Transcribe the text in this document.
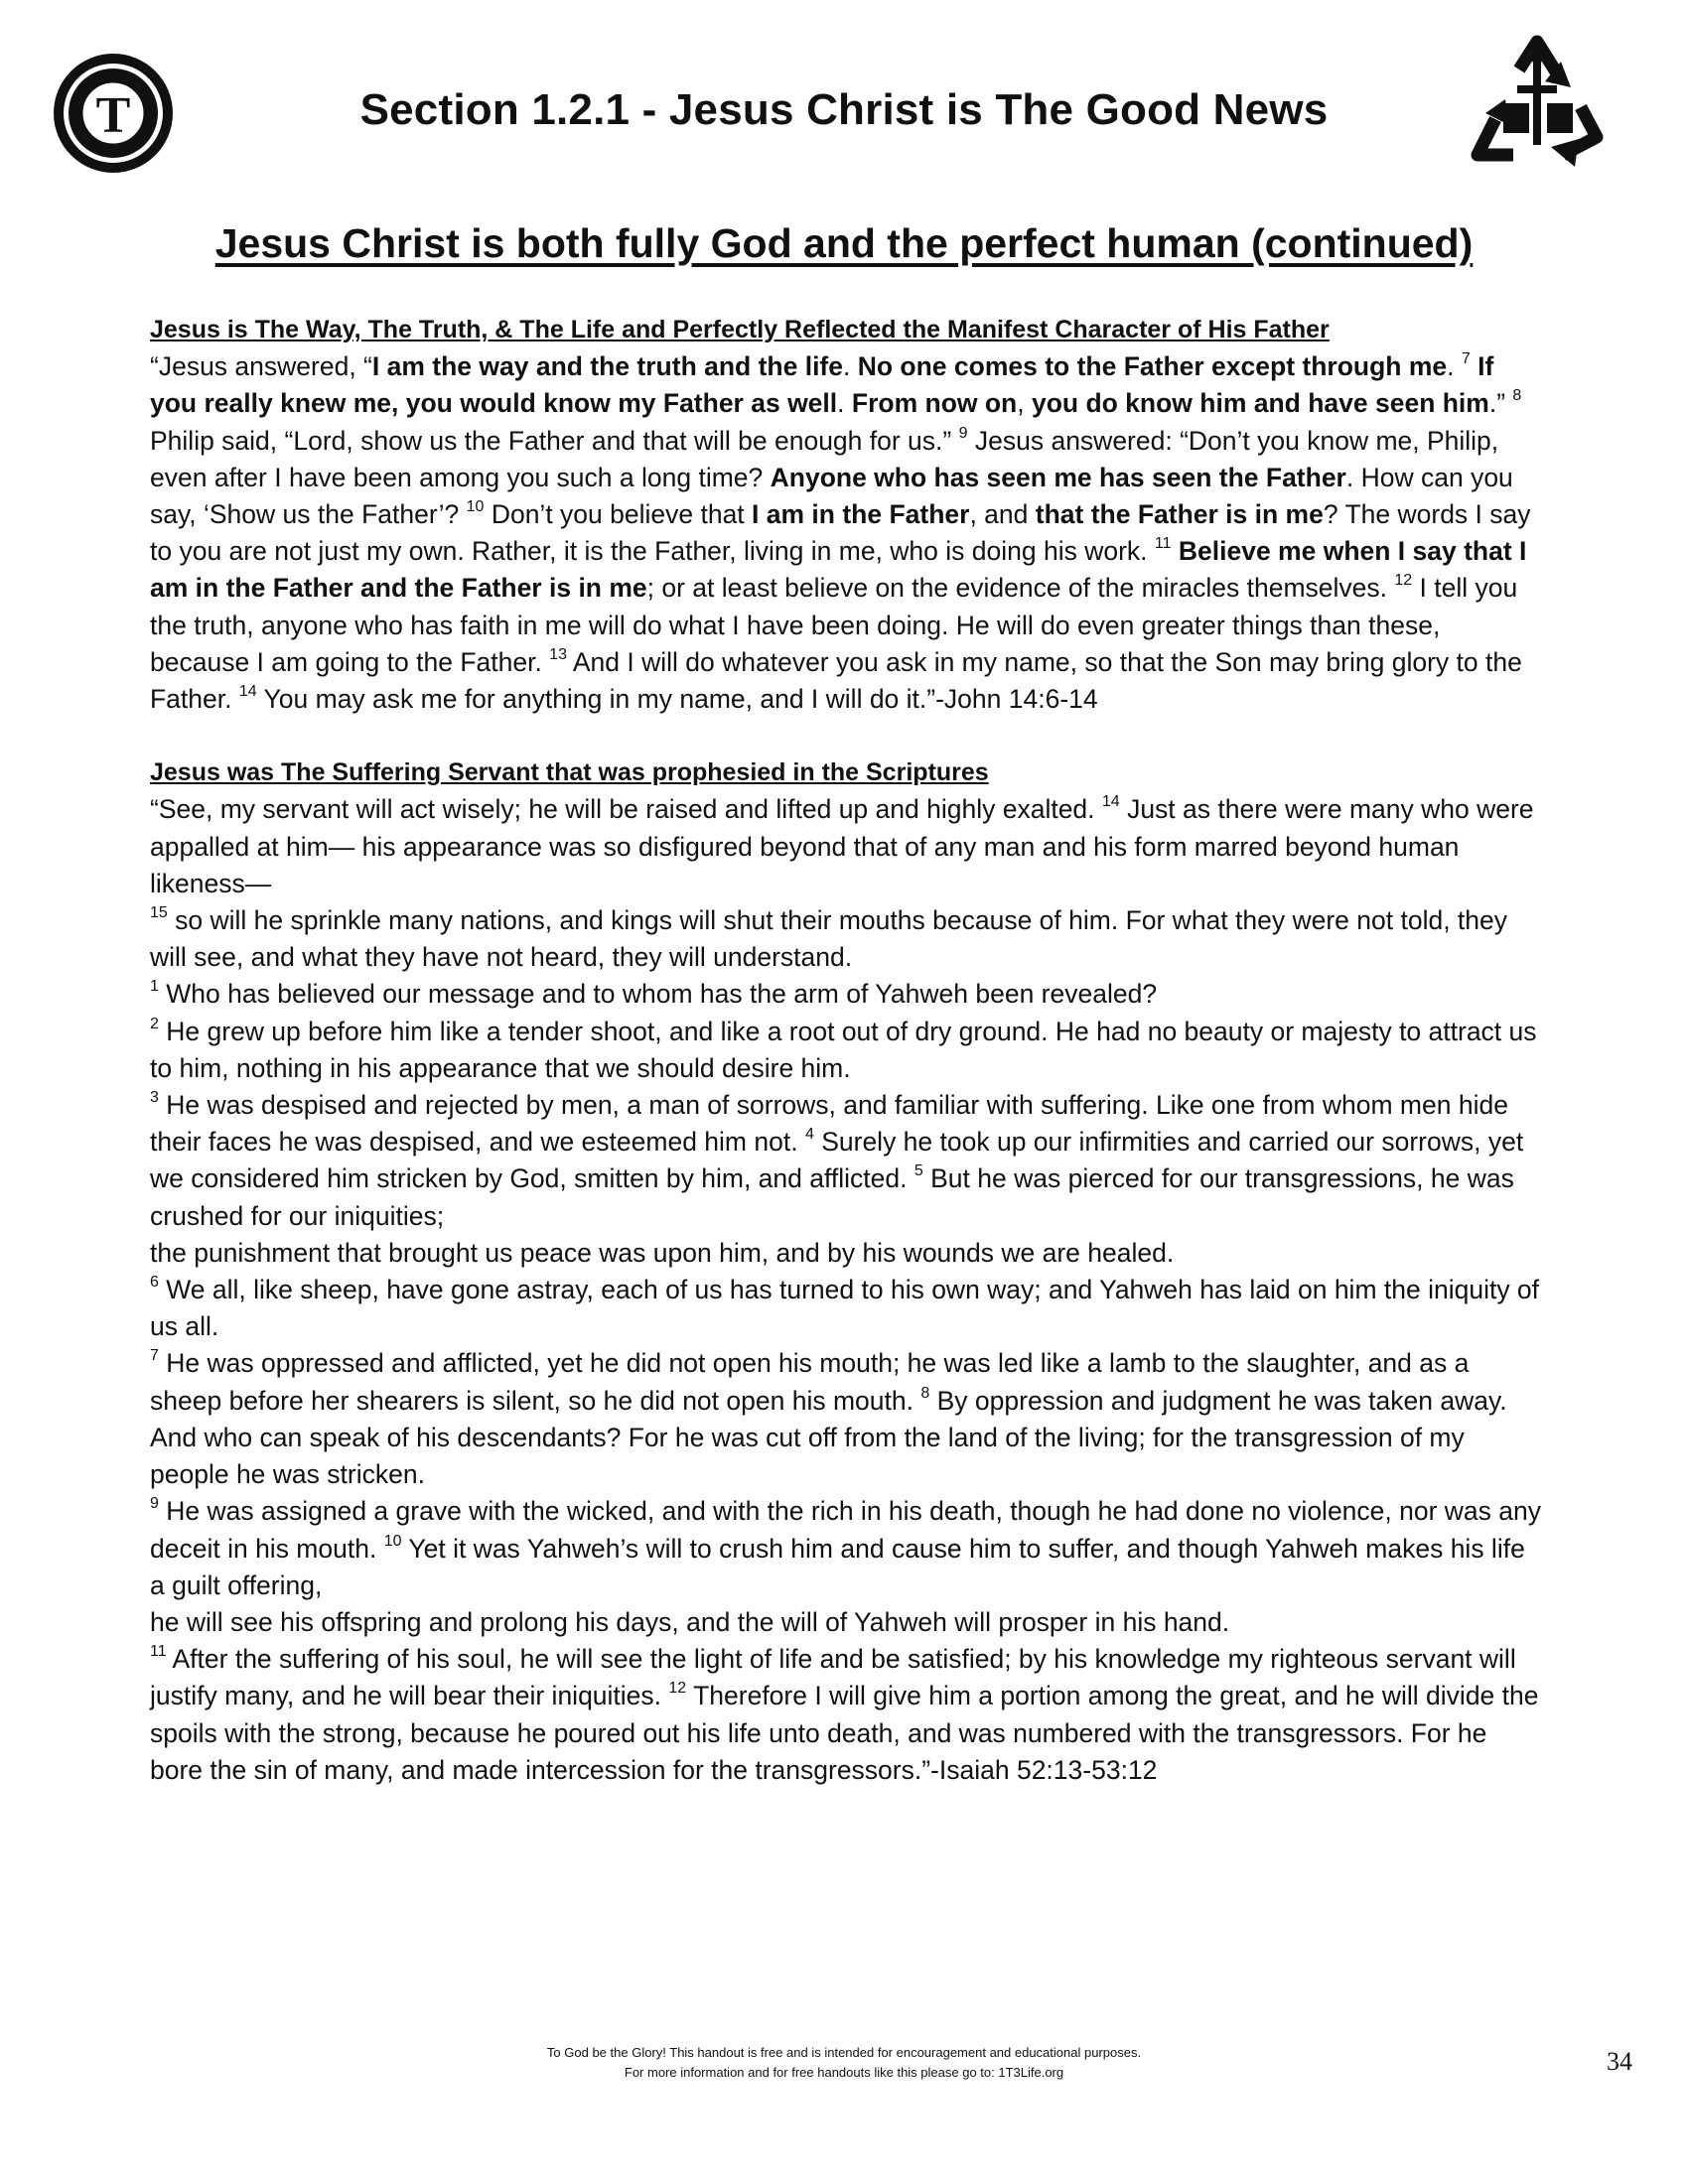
T	Section 1.2.1 - Jesus Christ is The Good News
Jesus Christ is both fully God and the perfect human (continued)

Jesus is The Way, The Truth, & The Life and Perfectly Reflected the Manifest Character of His Father

“Jesus answered, “I am the way and the truth and the life. No one comes to the Father except through me. $^7$ If you really knew me, you would know my Father as well. From now on, you do know him and have seen him.” $^8$ Philip said, “Lord, show us the Father and that will be enough for us.” $^9$ Jesus answered: “Don’t you know me, Philip, even after I have been among you such a long time? Anyone who has seen me has seen the Father. How can you say, ‘Show us the Father’? $^{10}$ Don’t you believe that I am in the Father, and that the Father is in me? The words I say to you are not just my own. Rather, it is the Father, living in me, who is doing his work. $^{11}$ Believe me when I say that I am in the Father and the Father is in me; or at least believe on the evidence of the miracles themselves. $^{12}$ I tell you the truth, anyone who has faith in me will do what I have been doing. He will do even greater things than these, because I am going to the Father. $^{13}$ And I will do whatever you ask in my name, so that the Son may bring glory to the Father. $^{14}$ You may ask me for anything in my name, and I will do it.”-John 14:6-14

Jesus was The Suffering Servant that was prophesied in the Scriptures

“See, my servant will act wisely; he will be raised and lifted up and highly exalted. $^{14}$ Just as there were many who were appalled at him— his appearance was so disfigured beyond that of any man and his form marred beyond human likeness—

$^{15}$ so will he sprinkle many nations, and kings will shut their mouths because of him. For what they were not told, they will see, and what they have not heard, they will understand.

$^1$ Who has believed our message and to whom has the arm of Yahweh been revealed?

$^2$ He grew up before him like a tender shoot, and like a root out of dry ground. He had no beauty or majesty to attract us to him, nothing in his appearance that we should desire him.

$^3$ He was despised and rejected by men, a man of sorrows, and familiar with suffering. Like one from whom men hide their faces he was despised, and we esteemed him not. $^4$ Surely he took up our infirmities and carried our sorrows, yet we considered him stricken by God, smitten by him, and afflicted. $^5$ But he was pierced for our transgressions, he was crushed for our iniquities;

the punishment that brought us peace was upon him, and by his wounds we are healed.

$^6$ We all, like sheep, have gone astray, each of us has turned to his own way; and Yahweh has laid on him the iniquity of us all.

$^7$ He was oppressed and afflicted, yet he did not open his mouth; he was led like a lamb to the slaughter, and as a sheep before her shearers is silent, so he did not open his mouth. $^8$ By oppression and judgment he was taken away. And who can speak of his descendants? For he was cut off from the land of the living; for the transgression of my people he was stricken.

$^9$ He was assigned a grave with the wicked, and with the rich in his death, though he had done no violence, nor was any deceit in his mouth. $^{10}$ Yet it was Yahweh’s will to crush him and cause him to suffer, and though Yahweh makes his life a guilt offering,

he will see his offspring and prolong his days, and the will of Yahweh will prosper in his hand.

$^{11}$ After the suffering of his soul, he will see the light of life and be satisfied; by his knowledge my righteous servant will justify many, and he will bear their iniquities. $^{12}$ Therefore I will give him a portion among the great, and he will divide the spoils with the strong, because he poured out his life unto death, and was numbered with the transgressors. For he bore the sin of many, and made intercession for the transgressors.”-Isaiah 52:13-53:12

To God be the Glory! This handout is free and is intended for encouragement and educational purposes.
For more information and for free handouts like this please go to: 1T3Life.org	34
